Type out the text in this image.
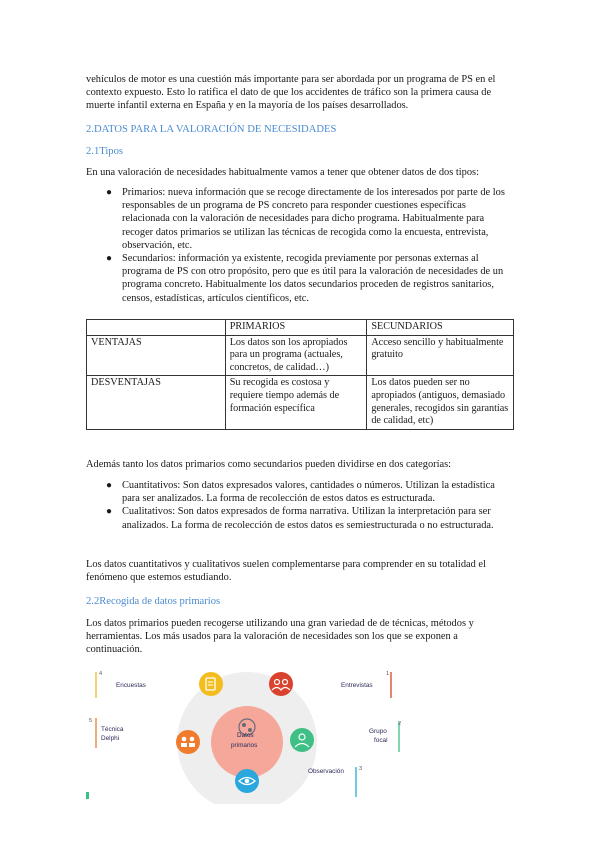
vehículos de motor es una cuestión más importante para ser abordada por un programa de PS en el contexto expuesto. Esto lo ratifica el dato de que los accidentes de tráfico son la primera causa de muerte infantil externa en España y en la mayoría de los países desarrollados.

2.DATOS PARA LA VALORACIÓN DE NECESIDADES

2.1Tipos

En una valoración de necesidades habitualmente vamos a tener que obtener datos de dos tipos:

● Primarios: nueva información que se recoge directamente de los interesados por parte de los responsables de un programa de PS concreto para responder cuestiones específicas relacionada con la valoración de necesidades para dicho programa. Habitualmente para recoger datos primarios se utilizan las técnicas de recogida como la encuesta, entrevista, observación, etc.
● Secundarios: información ya existente, recogida previamente por personas externas al programa de PS con otro propósito, pero que es útil para la valoración de necesidades de un programa concreto. Habitualmente los datos secundarios proceden de registros sanitarios, censos, estadísticas, artículos científicos, etc.
	PRIMARIOS	SECUNDARIOS
VENTAJAS	Los datos son los apropiados para un programa (actuales, concretos, de calidad…)	Acceso sencillo y habitualmente gratuito
DESVENTAJAS	Su recogida es costosa y requiere tiempo además de formación específica	Los datos pueden ser no apropiados (antiguos, demasiado generales, recogidos sin garantías de calidad, etc)

Además tanto los datos primarios como secundarios pueden dividirse en dos categorías:

● Cuantitativos: Son datos expresados valores, cantidades o números. Utilizan la estadística para ser analizados. La forma de recolección de estos datos es estructurada.
● Cualitativos: Son datos expresados de forma narrativa. Utilizan la interpretación para ser analizados. La forma de recolección de estos datos es semiestructurada o no estructurada.

Los datos cuantitativos y cualitativos suelen complementarse para comprender en su totalidad el fenómeno que estemos estudiando.

2.2Recogida de datos primarios

Los datos primarios pueden recogerse utilizando una gran variedad de de técnicas, métodos y herramientas. Los más usados para la valoración de necesidades son los que se exponen a continuación.

Datos
primarios
4
Encuestas
1
Entrevistas
5
Técnica
Delphi
2
Grupo
focal
3
Observación
